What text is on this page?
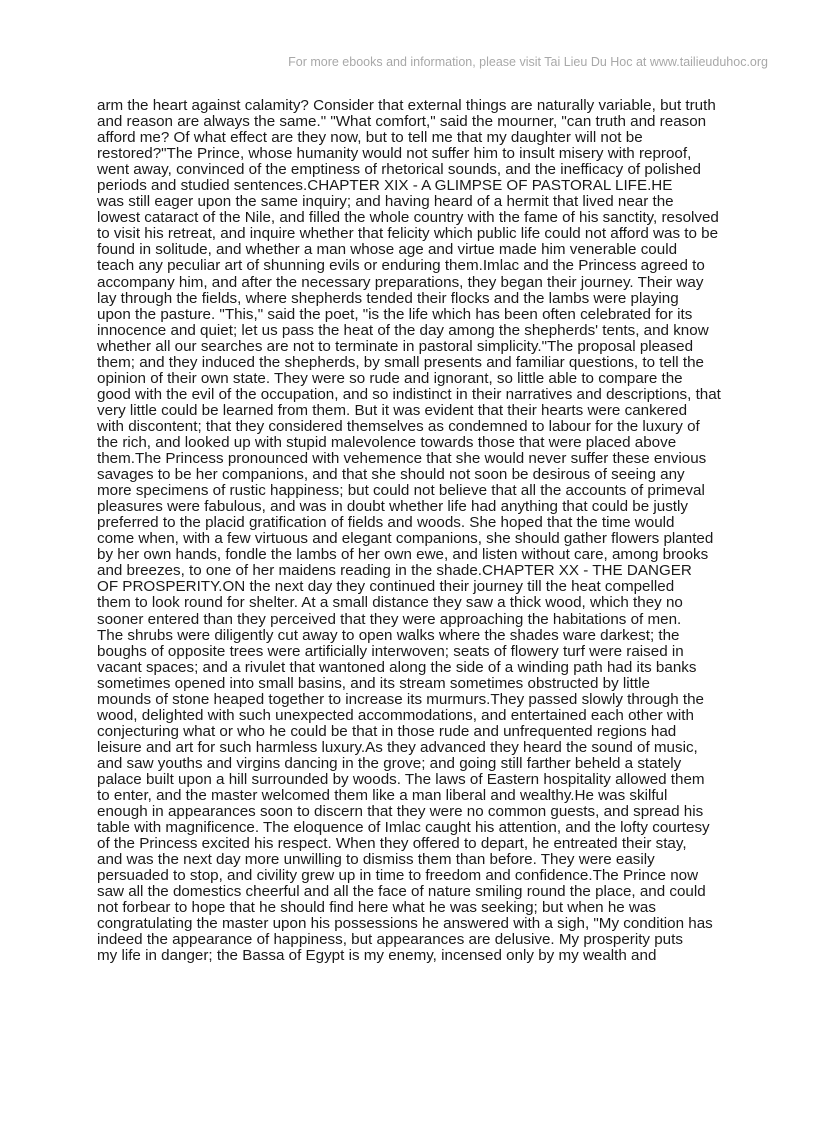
For more ebooks and information, please visit Tai Lieu Du Hoc at www.tailieuduhoc.org
arm the heart against calamity? Consider that external things are naturally variable, but truth
and reason are always the same." "What comfort," said the mourner, "can truth and reason
afford me? Of what effect are they now, but to tell me that my daughter will not be
restored?"The Prince, whose humanity would not suffer him to insult misery with reproof,
went away, convinced of the emptiness of rhetorical sounds, and the inefficacy of polished
periods and studied sentences.CHAPTER XIX - A GLIMPSE OF PASTORAL LIFE.HE
was still eager upon the same inquiry; and having heard of a hermit that lived near the
lowest cataract of the Nile, and filled the whole country with the fame of his sanctity, resolved
to visit his retreat, and inquire whether that felicity which public life could not afford was to be
found in solitude, and whether a man whose age and virtue made him venerable could
teach any peculiar art of shunning evils or enduring them.Imlac and the Princess agreed to
accompany him, and after the necessary preparations, they began their journey. Their way
lay through the fields, where shepherds tended their flocks and the lambs were playing
upon the pasture. "This," said the poet, "is the life which has been often celebrated for its
innocence and quiet; let us pass the heat of the day among the shepherds' tents, and know
whether all our searches are not to terminate in pastoral simplicity."The proposal pleased
them; and they induced the shepherds, by small presents and familiar questions, to tell the
opinion of their own state. They were so rude and ignorant, so little able to compare the
good with the evil of the occupation, and so indistinct in their narratives and descriptions, that
very little could be learned from them. But it was evident that their hearts were cankered
with discontent; that they considered themselves as condemned to labour for the luxury of
the rich, and looked up with stupid malevolence towards those that were placed above
them.The Princess pronounced with vehemence that she would never suffer these envious
savages to be her companions, and that she should not soon be desirous of seeing any
more specimens of rustic happiness; but could not believe that all the accounts of primeval
pleasures were fabulous, and was in doubt whether life had anything that could be justly
preferred to the placid gratification of fields and woods. She hoped that the time would
come when, with a few virtuous and elegant companions, she should gather flowers planted
by her own hands, fondle the lambs of her own ewe, and listen without care, among brooks
and breezes, to one of her maidens reading in the shade.CHAPTER XX - THE DANGER
OF PROSPERITY.ON the next day they continued their journey till the heat compelled
them to look round for shelter. At a small distance they saw a thick wood, which they no
sooner entered than they perceived that they were approaching the habitations of men.
The shrubs were diligently cut away to open walks where the shades ware darkest; the
boughs of opposite trees were artificially interwoven; seats of flowery turf were raised in
vacant spaces; and a rivulet that wantoned along the side of a winding path had its banks
sometimes opened into small basins, and its stream sometimes obstructed by little
mounds of stone heaped together to increase its murmurs.They passed slowly through the
wood, delighted with such unexpected accommodations, and entertained each other with
conjecturing what or who he could be that in those rude and unfrequented regions had
leisure and art for such harmless luxury.As they advanced they heard the sound of music,
and saw youths and virgins dancing in the grove; and going still farther beheld a stately
palace built upon a hill surrounded by woods. The laws of Eastern hospitality allowed them
to enter, and the master welcomed them like a man liberal and wealthy.He was skilful
enough in appearances soon to discern that they were no common guests, and spread his
table with magnificence. The eloquence of Imlac caught his attention, and the lofty courtesy
of the Princess excited his respect. When they offered to depart, he entreated their stay,
and was the next day more unwilling to dismiss them than before. They were easily
persuaded to stop, and civility grew up in time to freedom and confidence.The Prince now
saw all the domestics cheerful and all the face of nature smiling round the place, and could
not forbear to hope that he should find here what he was seeking; but when he was
congratulating the master upon his possessions he answered with a sigh, "My condition has
indeed the appearance of happiness, but appearances are delusive. My prosperity puts
my life in danger; the Bassa of Egypt is my enemy, incensed only by my wealth and
